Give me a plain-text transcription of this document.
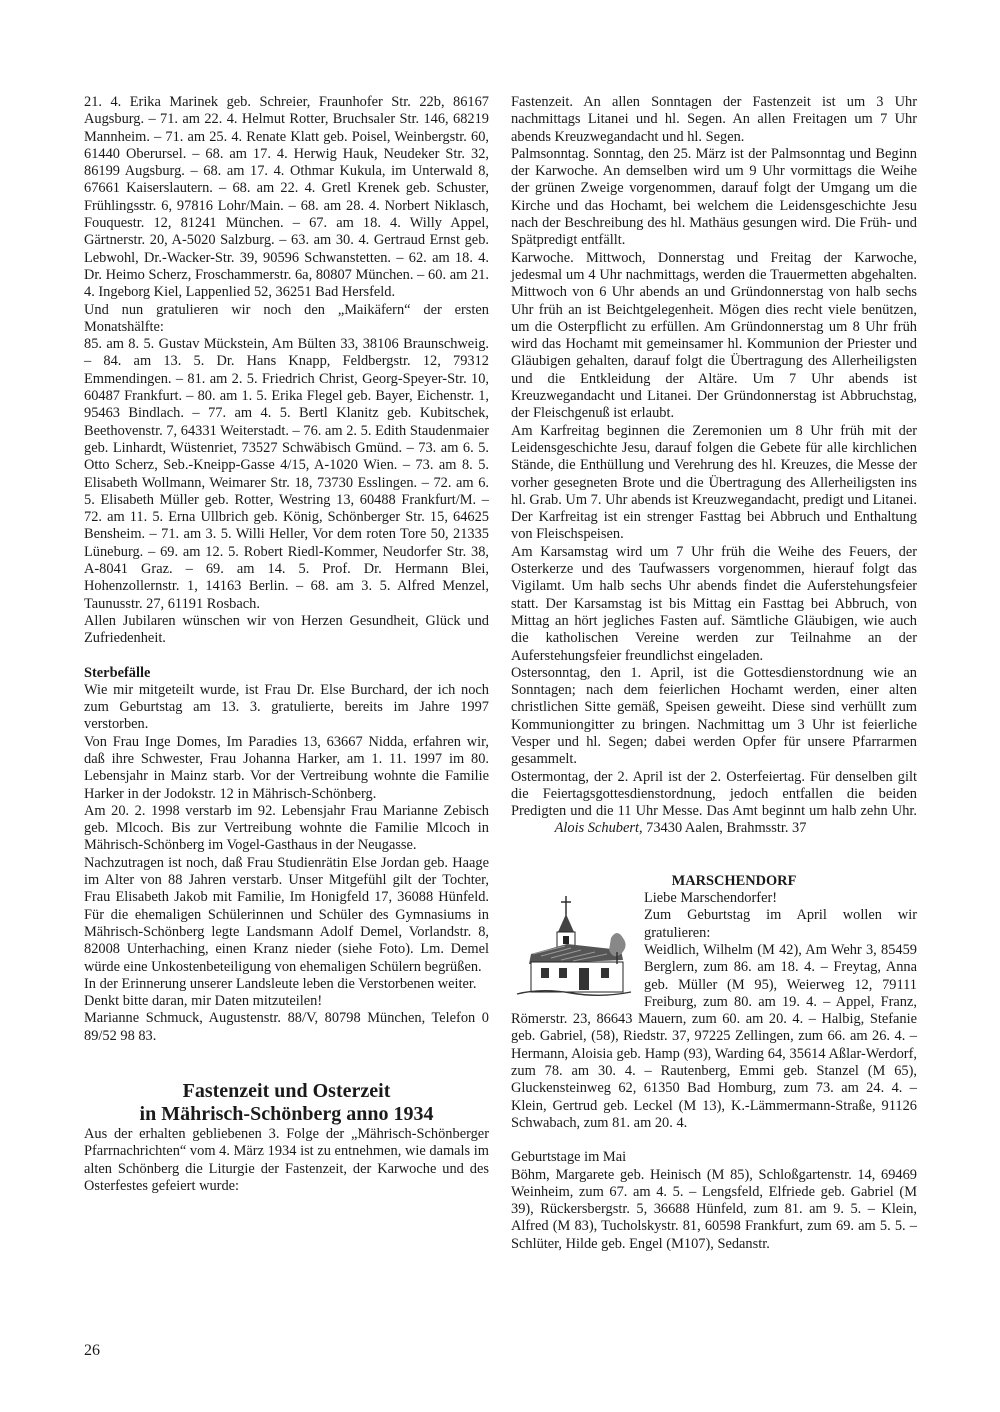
21. 4. Erika Marinek geb. Schreier, Fraunhofer Str. 22b, 86167 Augsburg. – 71. am 22. 4. Helmut Rotter, Bruchsaler Str. 146, 68219 Mannheim. – 71. am 25. 4. Renate Klatt geb. Poisel, Weinbergstr. 60, 61440 Oberursel. – 68. am 17. 4. Herwig Hauk, Neudeker Str. 32, 86199 Augsburg. – 68. am 17. 4. Othmar Kukula, im Unterwald 8, 67661 Kaiserslautern. – 68. am 22. 4. Gretl Krenek geb. Schuster, Frühlingsstr. 6, 97816 Lohr/Main. – 68. am 28. 4. Norbert Niklasch, Fouquestr. 12, 81241 München. – 67. am 18. 4. Willy Appel, Gärtnerstr. 20, A-5020 Salzburg. – 63. am 30. 4. Gertraud Ernst geb. Lebwohl, Dr.-Wacker-Str. 39, 90596 Schwanstetten. – 62. am 18. 4. Dr. Heimo Scherz, Froschammerstr. 6a, 80807 München. – 60. am 21. 4. Ingeborg Kiel, Lappenlied 52, 36251 Bad Hersfeld.

Und nun gratulieren wir noch den „Maikäfern“ der ersten Monatshälfte:

85. am 8. 5. Gustav Mückstein, Am Bülten 33, 38106 Braunschweig. – 84. am 13. 5. Dr. Hans Knapp, Feldbergstr. 12, 79312 Emmendingen. – 81. am 2. 5. Friedrich Christ, Georg-Speyer-Str. 10, 60487 Frankfurt. – 80. am 1. 5. Erika Flegel geb. Bayer, Eichenstr. 1, 95463 Bindlach. – 77. am 4. 5. Bertl Klanitz geb. Kubitschek, Beethovenstr. 7, 64331 Weiterstadt. – 76. am 2. 5. Edith Staudenmaier geb. Linhardt, Wüstenriet, 73527 Schwäbisch Gmünd. – 73. am 6. 5. Otto Scherz, Seb.-Kneipp-Gasse 4/15, A-1020 Wien. – 73. am 8. 5. Elisabeth Wollmann, Weimarer Str. 18, 73730 Esslingen. – 72. am 6. 5. Elisabeth Müller geb. Rotter, Westring 13, 60488 Frankfurt/M. – 72. am 11. 5. Erna Ullbrich geb. König, Schönberger Str. 15, 64625 Bensheim. – 71. am 3. 5. Willi Heller, Vor dem roten Tore 50, 21335 Lüneburg. – 69. am 12. 5. Robert Riedl-Kommer, Neudorfer Str. 38, A-8041 Graz. – 69. am 14. 5. Prof. Dr. Hermann Blei, Hohenzollernstr. 1, 14163 Berlin. – 68. am 3. 5. Alfred Menzel, Taunusstr. 27, 61191 Rosbach.

Allen Jubilaren wünschen wir von Herzen Gesundheit, Glück und Zufriedenheit.

Sterbefälle

Wie mir mitgeteilt wurde, ist Frau Dr. Else Burchard, der ich noch zum Geburtstag am 13. 3. gratulierte, bereits im Jahre 1997 verstorben.

Von Frau Inge Domes, Im Paradies 13, 63667 Nidda, erfahren wir, daß ihre Schwester, Frau Johanna Harker, am 1. 11. 1997 im 80. Lebensjahr in Mainz starb. Vor der Vertreibung wohnte die Familie Harker in der Jodokstr. 12 in Mährisch-Schönberg.

Am 20. 2. 1998 verstarb im 92. Lebensjahr Frau Marianne Zebisch geb. Mlcoch. Bis zur Vertreibung wohnte die Familie Mlcoch in Mährisch-Schönberg im Vogel-Gasthaus in der Neugasse.

Nachzutragen ist noch, daß Frau Studienrätin Else Jordan geb. Haage im Alter von 88 Jahren verstarb. Unser Mitgefühl gilt der Tochter, Frau Elisabeth Jakob mit Familie, Im Honigfeld 17, 36088 Hünfeld. Für die ehemaligen Schülerinnen und Schüler des Gymnasiums in Mährisch-Schönberg legte Landsmann Adolf Demel, Vorlandstr. 8, 82008 Unterhaching, einen Kranz nieder (siehe Foto). Lm. Demel würde eine Unkostenbeteiligung von ehemaligen Schülern begrüßen.

In der Erinnerung unserer Landsleute leben die Verstorbenen weiter.

Denkt bitte daran, mir Daten mitzuteilen!

Marianne Schmuck, Augustenstr. 88/V, 80798 München, Telefon 0 89/52 98 83.

Fastenzeit und Osterzeit

in Mährisch-Schönberg anno 1934

Aus der erhalten gebliebenen 3. Folge der „Mährisch-Schönberger Pfarrnachrichten“ vom 4. März 1934 ist zu entnehmen, wie damals im alten Schönberg die Liturgie der Fastenzeit, der Karwoche und des Osterfestes gefeiert wurde:

Fastenzeit. An allen Sonntagen der Fastenzeit ist um 3 Uhr nachmittags Litanei und hl. Segen. An allen Freitagen um 7 Uhr abends Kreuzwegandacht und hl. Segen.

Palmsonntag. Sonntag, den 25. März ist der Palmsonntag und Beginn der Karwoche. An demselben wird um 9 Uhr vormittags die Weihe der grünen Zweige vorgenommen, darauf folgt der Umgang um die Kirche und das Hochamt, bei welchem die Leidensgeschichte Jesu nach der Beschreibung des hl. Mathäus gesungen wird. Die Früh- und Spätpredigt entfällt.

Karwoche. Mittwoch, Donnerstag und Freitag der Karwoche, jedesmal um 4 Uhr nachmittags, werden die Trauermetten abgehalten. Mittwoch von 6 Uhr abends an und Gründonnerstag von halb sechs Uhr früh an ist Beichtgelegenheit. Mögen dies recht viele benützen, um die Osterpflicht zu erfüllen. Am Gründonnerstag um 8 Uhr früh wird das Hochamt mit gemeinsamer hl. Kommunion der Priester und Gläubigen gehalten, darauf folgt die Übertragung des Allerheiligsten und die Entkleidung der Altäre. Um 7 Uhr abends ist Kreuzwegandacht und Litanei. Der Gründonnerstag ist Abbruchstag, der Fleischgenuß ist erlaubt.

Am Karfreitag beginnen die Zeremonien um 8 Uhr früh mit der Leidensgeschichte Jesu, darauf folgen die Gebete für alle kirchlichen Stände, die Enthüllung und Verehrung des hl. Kreuzes, die Messe der vorher gesegneten Brote und die Übertragung des Allerheiligsten ins hl. Grab. Um 7. Uhr abends ist Kreuzwegandacht, predigt und Litanei. Der Karfreitag ist ein strenger Fasttag bei Abbruch und Enthaltung von Fleischspeisen.

Am Karsamstag wird um 7 Uhr früh die Weihe des Feuers, der Osterkerze und des Taufwassers vorgenommen, hierauf folgt das Vigilamt. Um halb sechs Uhr abends findet die Auferstehungsfeier statt. Der Karsamstag ist bis Mittag ein Fasttag bei Abbruch, von Mittag an hört jegliches Fasten auf. Sämtliche Gläubigen, wie auch die katholischen Vereine werden zur Teilnahme an der Auferstehungsfeier freundlichst eingeladen.

Ostersonntag, den 1. April, ist die Gottesdienstordnung wie an Sonntagen; nach dem feierlichen Hochamt werden, einer alten christlichen Sitte gemäß, Speisen geweiht. Diese sind verhüllt zum Kommuniongitter zu bringen. Nachmittag um 3 Uhr ist feierliche Vesper und hl. Segen; dabei werden Opfer für unsere Pfarrarmen gesammelt.

Ostermontag, der 2. April ist der 2. Osterfeiertag. Für denselben gilt die Feiertagsgottesdienstordnung, jedoch entfallen die beiden Predigten und die 11 Uhr Messe. Das Amt beginnt um halb zehn Uhr.  Alois Schubert, 73430 Aalen, Brahmsstr. 37

MARSCHENDORF

Liebe Marschendorfer!

Zum Geburtstag im April wollen wir gratulieren:

Weidlich, Wilhelm (M 42), Am Wehr 3, 85459 Berglern, zum 86. am 18. 4. – Freytag, Anna geb. Müller (M 95), Weierweg 12, 79111 Freiburg, zum 80. am 19. 4. – Appel, Franz, Römerstr. 23, 86643 Mauern, zum 60. am 20. 4. – Halbig, Stefanie geb. Gabriel, (58), Riedstr. 37, 97225 Zellingen, zum 66. am 26. 4. – Hermann, Aloisia geb. Hamp (93), Warding 64, 35614 Aßlar-Werdorf, zum 78. am 30. 4. – Rautenberg, Emmi geb. Stanzel (M 65), Gluckensteinweg 62, 61350 Bad Homburg, zum 73. am 24. 4. – Klein, Gertrud geb. Leckel (M 13), K.-Lämmermann-Straße, 91126 Schwabach, zum 81. am 20. 4.

Geburtstage im Mai

Böhm, Margarete geb. Heinisch (M 85), Schloßgartenstr. 14, 69469 Weinheim, zum 67. am 4. 5. – Lengsfeld, Elfriede geb. Gabriel (M 39), Rückersbergstr. 5, 36688 Hünfeld, zum 81. am 9. 5. – Klein, Alfred (M 83), Tucholskystr. 81, 60598 Frankfurt, zum 69. am 5. 5. – Schlüter, Hilde geb. Engel (M107), Sedanstr.

26
